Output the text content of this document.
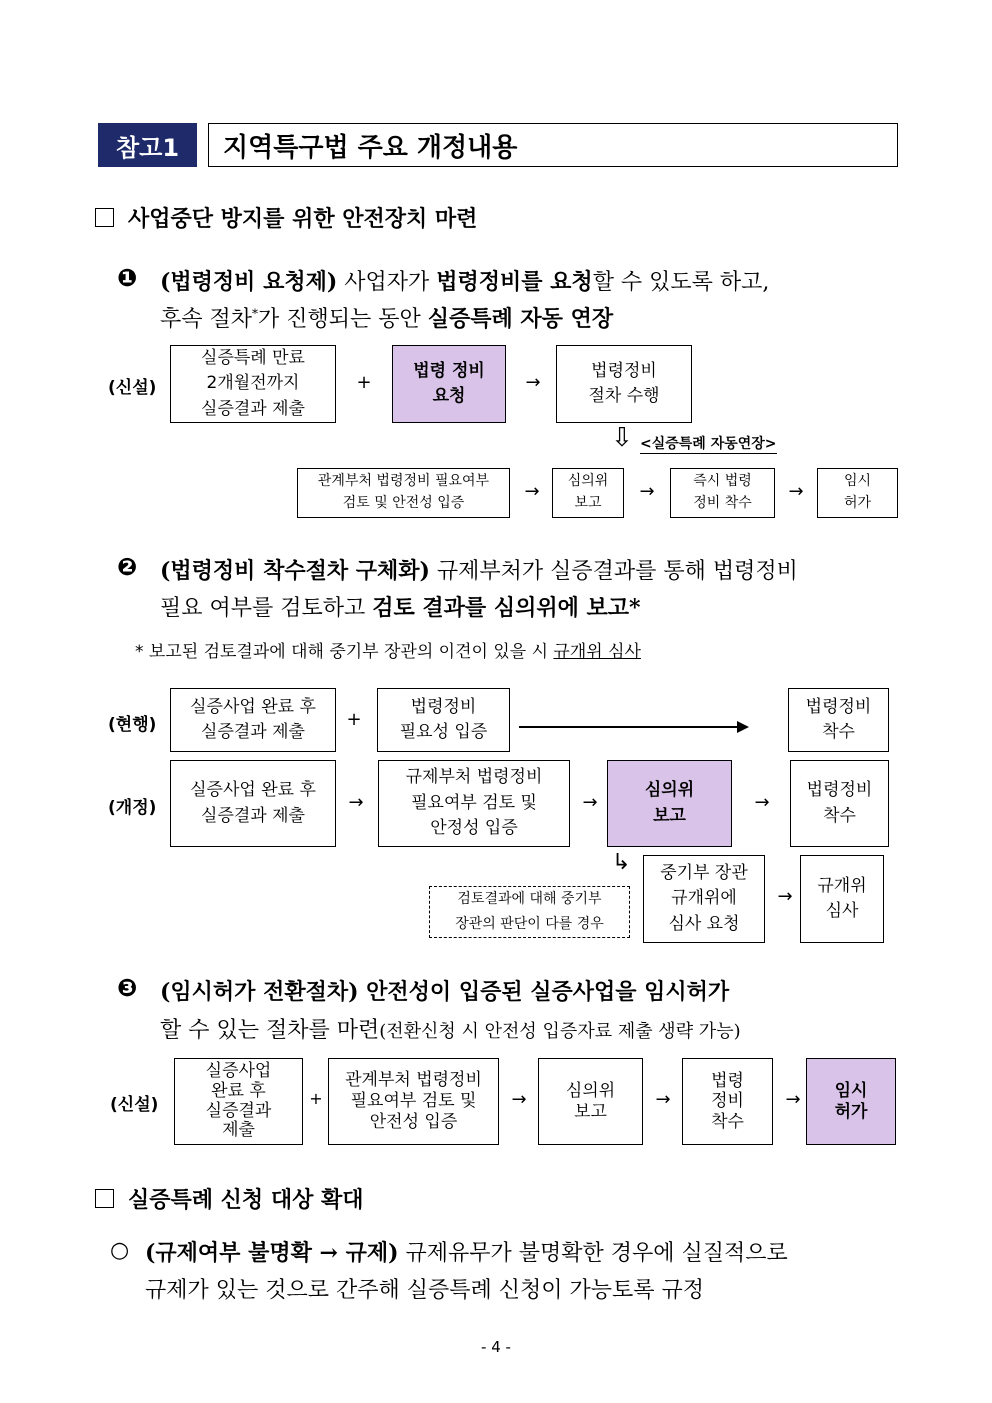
참고1	지역특구법 주요 개정내용
사업중단 방지를 위한 안전장치 마련
❶ (법령정비 요청제) 사업자가 법령정비를 요청할 수 있도록 하고,
후속 절차*가 진행되는 동안 실증특례 자동 연장
(신설)
실증특례 만료
2개월전까지
실증결과 제출
+
법령 정비
요청
→
법령정비
절차 수행
⇩ <실증특례 자동연장>
관계부처 법령정비 필요여부
검토 및 안전성 입증
→	심의위
보고
→	즉시 법령
정비 착수
→	임시
허가
❷ (법령정비 착수절차 구체화) 규제부처가 실증결과를 통해 법령정비
필요 여부를 검토하고 검토 결과를 심의위에 보고*
* 보고된 검토결과에 대해 중기부 장관의 이견이 있을 시 규개위 심사
(현행)
실증사업 완료 후
실증결과 제출
+
법령정비
필요성 입증
법령정비
착수
(개정)
실증사업 완료 후
실증결과 제출
→
규제부처 법령정비
필요여부 검토 및
안정성 입증
→
심의위
보고
→
법령정비
착수
↳
검토결과에 대해 중기부
장관의 판단이 다를 경우
중기부 장관
규개위에
심사 요청
→
규개위
심사
❸ (임시허가 전환절차) 안전성이 입증된 실증사업을 임시허가
할 수 있는 절차를 마련(전환신청 시 안전성 입증자료 제출 생략 가능)
(신설)
실증사업
완료 후
실증결과
제출
+
관계부처 법령정비
필요여부 검토 및
안전성 입증
→	심의위
보고
→
법령
정비
착수
→	임시
허가
실증특례 신청 대상 확대
○ (규제여부 불명확 → 규제) 규제유무가 불명확한 경우에 실질적으로
규제가 있는 것으로 간주해 실증특례 신청이 가능토록 규정
- 4 -
